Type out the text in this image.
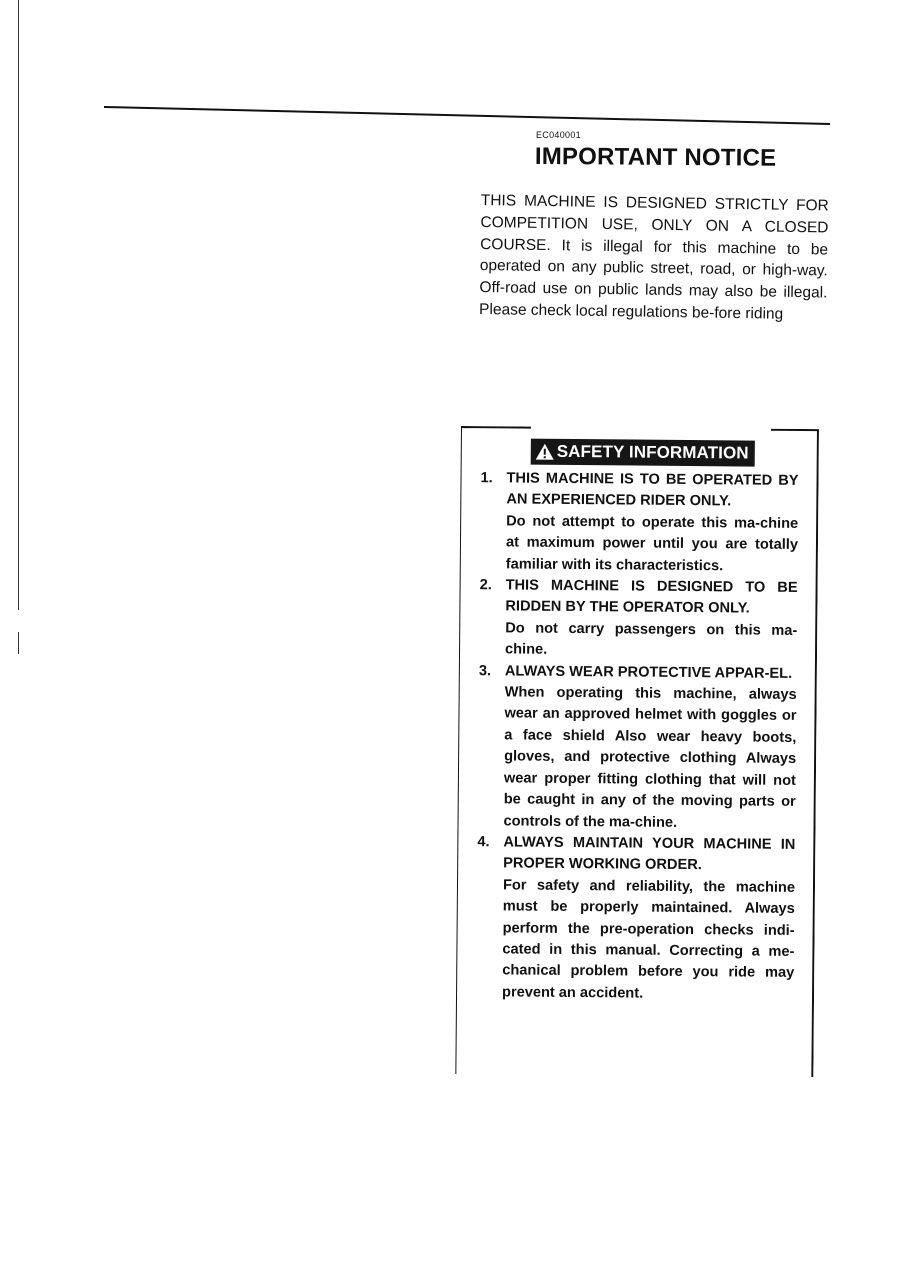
EC040001
IMPORTANT NOTICE

THIS MACHINE IS DESIGNED STRICTLY FOR COMPETITION USE, ONLY ON A CLOSED COURSE. It is illegal for this machine to be operated on any public street, road, or high-way. Off-road use on public lands may also be illegal. Please check local regulations be-fore riding

SAFETY INFORMATION
1. THIS MACHINE IS TO BE OPERATED BY AN EXPERIENCED RIDER ONLY.
Do not attempt to operate this ma-chine at maximum power until you are totally familiar with its characteristics.
2. THIS MACHINE IS DESIGNED TO BE RIDDEN BY THE OPERATOR ONLY.
Do not carry passengers on this ma-chine.
3. ALWAYS WEAR PROTECTIVE APPAR-EL.
When operating this machine, always wear an approved helmet with goggles or a face shield Also wear heavy boots, gloves, and protective clothing Always wear proper fitting clothing that will not be caught in any of the moving parts or controls of the ma-chine.
4. ALWAYS MAINTAIN YOUR MACHINE IN PROPER WORKING ORDER.
For safety and reliability, the machine must be properly maintained. Always perform the pre-operation checks indi-cated in this manual. Correcting a me-chanical problem before you ride may prevent an accident.
